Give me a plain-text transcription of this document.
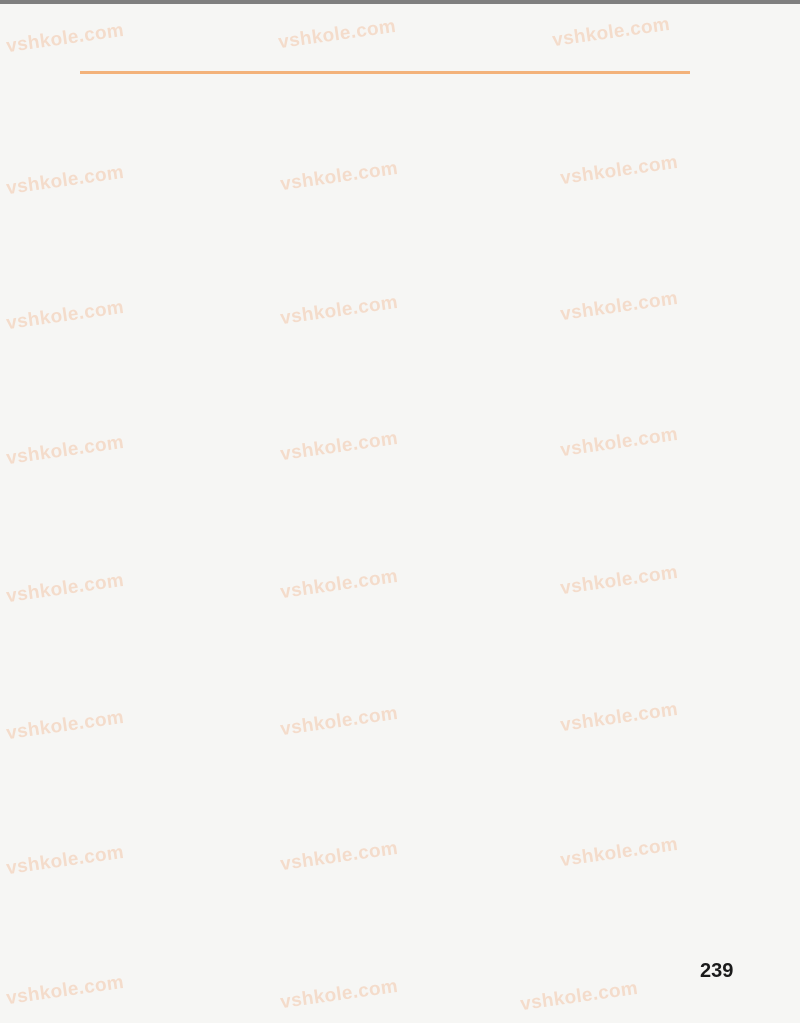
vshkole.com	vshkole.com	vshkole.com
vshkole.com	vshkole.com	vshkole.com
vshkole.com	vshkole.com	vshkole.com
vshkole.com	vshkole.com	vshkole.com
vshkole.com	vshkole.com	vshkole.com
vshkole.com	vshkole.com	vshkole.com
vshkole.com	vshkole.com	vshkole.com
vshkole.com	vshkole.com	vshkole.com
239
